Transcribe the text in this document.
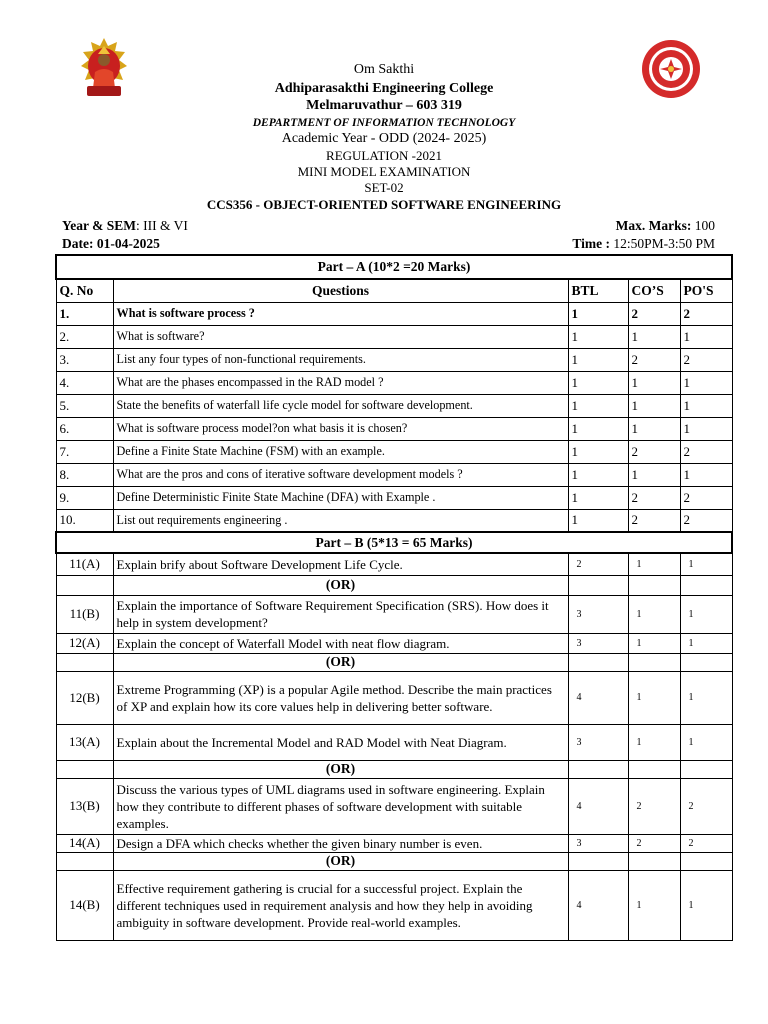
Om Sakthi
Adhiparasakthi Engineering College
Melmaruvathur – 603 319
DEPARTMENT OF INFORMATION TECHNOLOGY
Academic Year - ODD (2024- 2025)
REGULATION -2021
MINI MODEL EXAMINATION
SET-02
CCS356 - OBJECT-ORIENTED SOFTWARE ENGINEERING
Year & SEM: III & VI
Date: 01-04-2025
Max. Marks: 100
Time : 12:50PM-3:50 PM
Part – A (10*2 =20 Marks)				
Q. No	Questions	BTL	CO’S	PO'S
1.	What is software process ?	1	2	2
2.	What is software?	1	1	1
3.	List any four types of non-functional requirements.	1	2	2
4.	What are the phases encompassed in the RAD model ?	1	1	1
5.	State the benefits of waterfall life cycle model for software development.	1	1	1
6.	What is software process model?on what basis it is chosen?	1	1	1
7.	Define a Finite State Machine (FSM) with an example.	1	2	2
8.	What are the pros and cons of iterative software development models ?	1	1	1
9.	Define Deterministic Finite State Machine (DFA) with Example .	1	2	2
10.	List out requirements engineering .	1	2	2
Part – B (5*13 = 65 Marks)				
11(A)	Explain brify about Software Development Life Cycle.	2	1	1
	(OR)			
11(B)	Explain the importance of Software Requirement Specification (SRS). How does it help in system development?	3	1	1
12(A)	Explain the concept of Waterfall Model with neat flow diagram.	3	1	1
	(OR)			
12(B)	Extreme Programming (XP) is a popular Agile method. Describe the main practices of XP and explain how its core values help in delivering better software.	4	1	1
13(A)	Explain about the Incremental Model and RAD Model with Neat Diagram.	3	1	1
	(OR)			
13(B)	Discuss the various types of UML diagrams used in software engineering. Explain how they contribute to different phases of software development with suitable examples.	4	2	2
14(A)	Design a DFA which checks whether the given binary number is even.	3	2	2
	(OR)			
14(B)	Effective requirement gathering is crucial for a successful project. Explain the different techniques used in requirement analysis and how they help in avoiding ambiguity in software development. Provide real-world examples.	4	1	1
